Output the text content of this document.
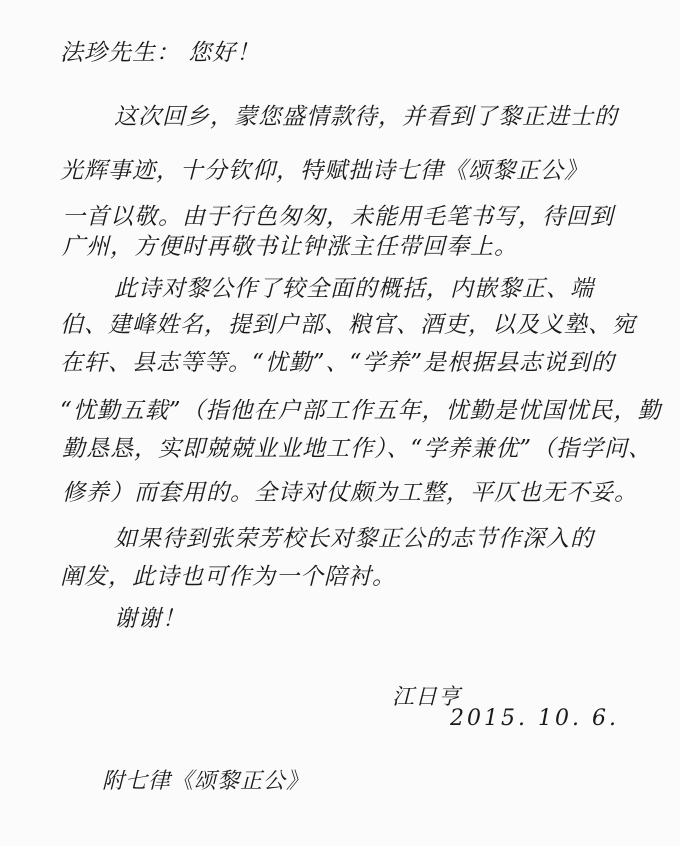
法珍先生： 您好！
这次回乡，蒙您盛情款待，并看到了黎正进士的
光辉事迹，十分钦仰，特赋拙诗七律《颂黎正公》
一首以敬。由于行色匆匆，未能用毛笔书写，待回到
广州，方便时再敬书让钟涨主任带回奉上。
此诗对黎公作了较全面的概括，内嵌黎正、端
伯、建峰姓名，提到户部、粮官、酒吏，以及义塾、宛
在轩、县志等等。“忧勤”、“学养”是根据县志说到的
“忧勤五载”（指他在户部工作五年，忧勤是忧国忧民，勤
勤恳恳，实即兢兢业业地工作）、“学养兼优”（指学问、
修养）而套用的。全诗对仗颇为工整，平仄也无不妥。
如果待到张荣芳校长对黎正公的志节作深入的
阐发，此诗也可作为一个陪衬。
谢谢！
江日亨
2015. 10. 6.
附七律《颂黎正公》
